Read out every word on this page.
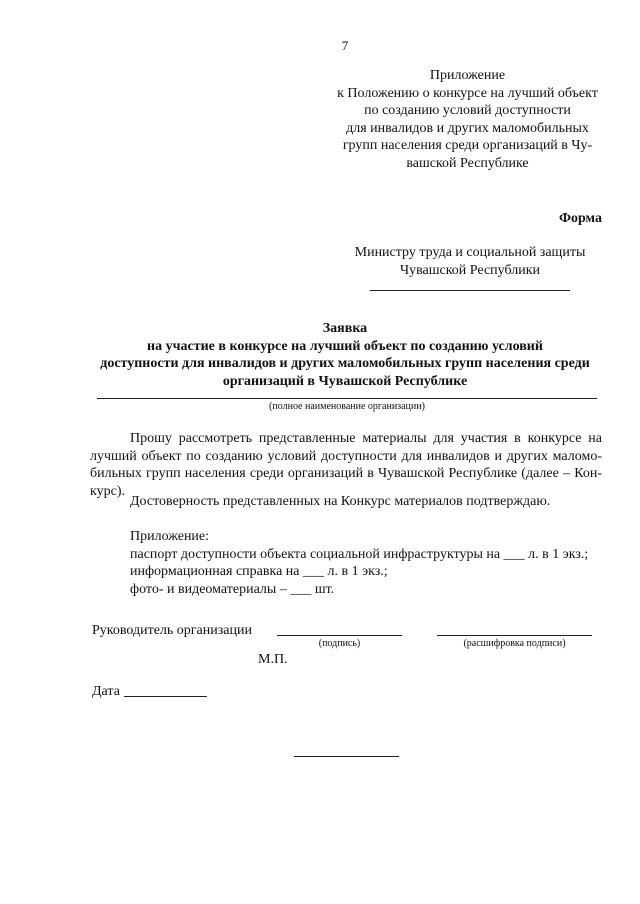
7
Приложение
к Положению о конкурсе на лучший объект
по созданию условий доступности
для инвалидов и других маломобильных
групп населения среди организаций в Чу-
вашской Республике
Форма
Министру труда и социальной защиты
Чувашской Республики
Заявка
на участие в конкурсе на лучший объект по созданию условий
доступности для инвалидов и других маломобильных групп населения среди
организаций в Чувашской Республике
(полное наименование организации)
Прошу рассмотреть представленные материалы для участия в конкурсе на
лучший объект по созданию условий доступности для инвалидов и других маломо-
бильных групп населения среди организаций в Чувашской Республике (далее – Кон-
курс).
Достоверность представленных на Конкурс материалов подтверждаю.
Приложение:
паспорт доступности объекта социальной инфраструктуры на ___ л. в 1 экз.;
информационная справка на ___ л. в 1 экз.;
фото- и видеоматериалы – ___ шт.
Руководитель организации
(подпись)	(расшифровка подписи)
М.П.
Дата
